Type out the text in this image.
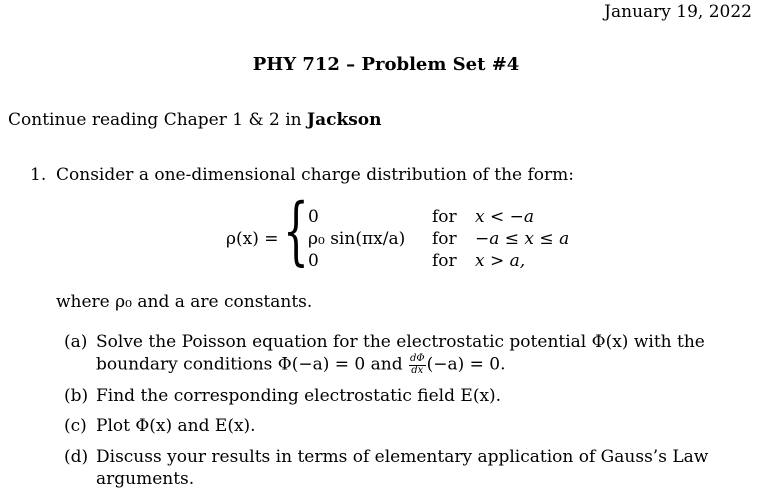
January 19, 2022
PHY 712 – Problem Set #4
Continue reading Chaper 1 & 2 in Jackson
1. Consider a one-dimensional charge distribution of the form:
ρ(x) = { 0	for x < −a
ρ₀ sin(πx/a) for −a ≤ x ≤ a
0	for x > a,
where ρ₀ and a are constants.
(a) Solve the Poisson equation for the electrostatic potential Φ(x) with the
boundary conditions Φ(−a) = 0 and $\frac{d\Phi}{dx} (-a) = 0$.
(b) Find the corresponding electrostatic field E(x).
(c) Plot Φ(x) and E(x).
(d) Discuss your results in terms of elementary application of Gauss’s Law
arguments.
